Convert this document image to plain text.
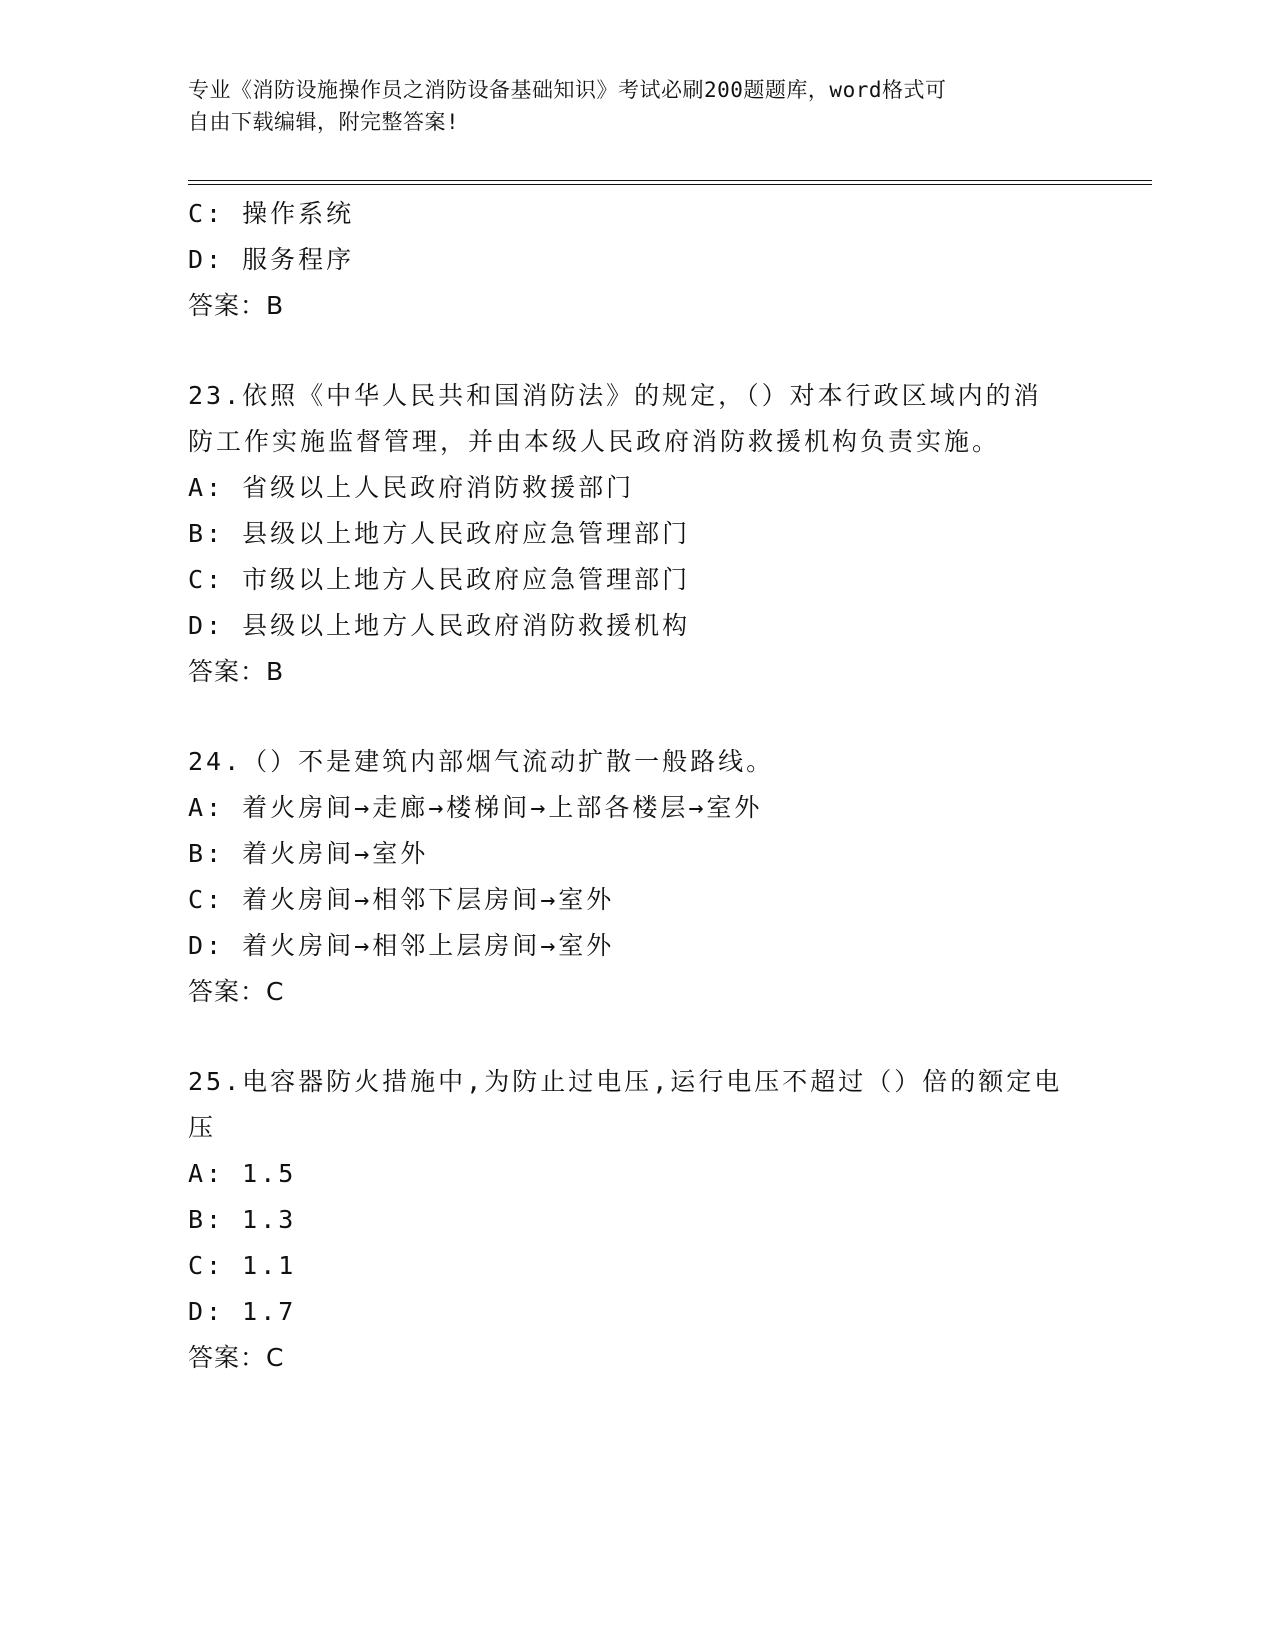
专业《消防设施操作员之消防设备基础知识》考试必刷200题题库，word格式可
自由下载编辑，附完整答案!
C: 操作系统
D: 服务程序
答案：B
23.依照《中华人民共和国消防法》的规定，（）对本行政区域内的消
防工作实施监督管理，并由本级人民政府消防救援机构负责实施。
A: 省级以上人民政府消防救援部门
B: 县级以上地方人民政府应急管理部门
C: 市级以上地方人民政府应急管理部门
D: 县级以上地方人民政府消防救援机构
答案：B
24.（）不是建筑内部烟气流动扩散一般路线。
A: 着火房间→走廊→楼梯间→上部各楼层→室外
B: 着火房间→室外
C: 着火房间→相邻下层房间→室外
D: 着火房间→相邻上层房间→室外
答案：C
25.电容器防火措施中,为防止过电压,运行电压不超过（）倍的额定电
压
A: 1.5
B: 1.3
C: 1.1
D: 1.7
答案：C
